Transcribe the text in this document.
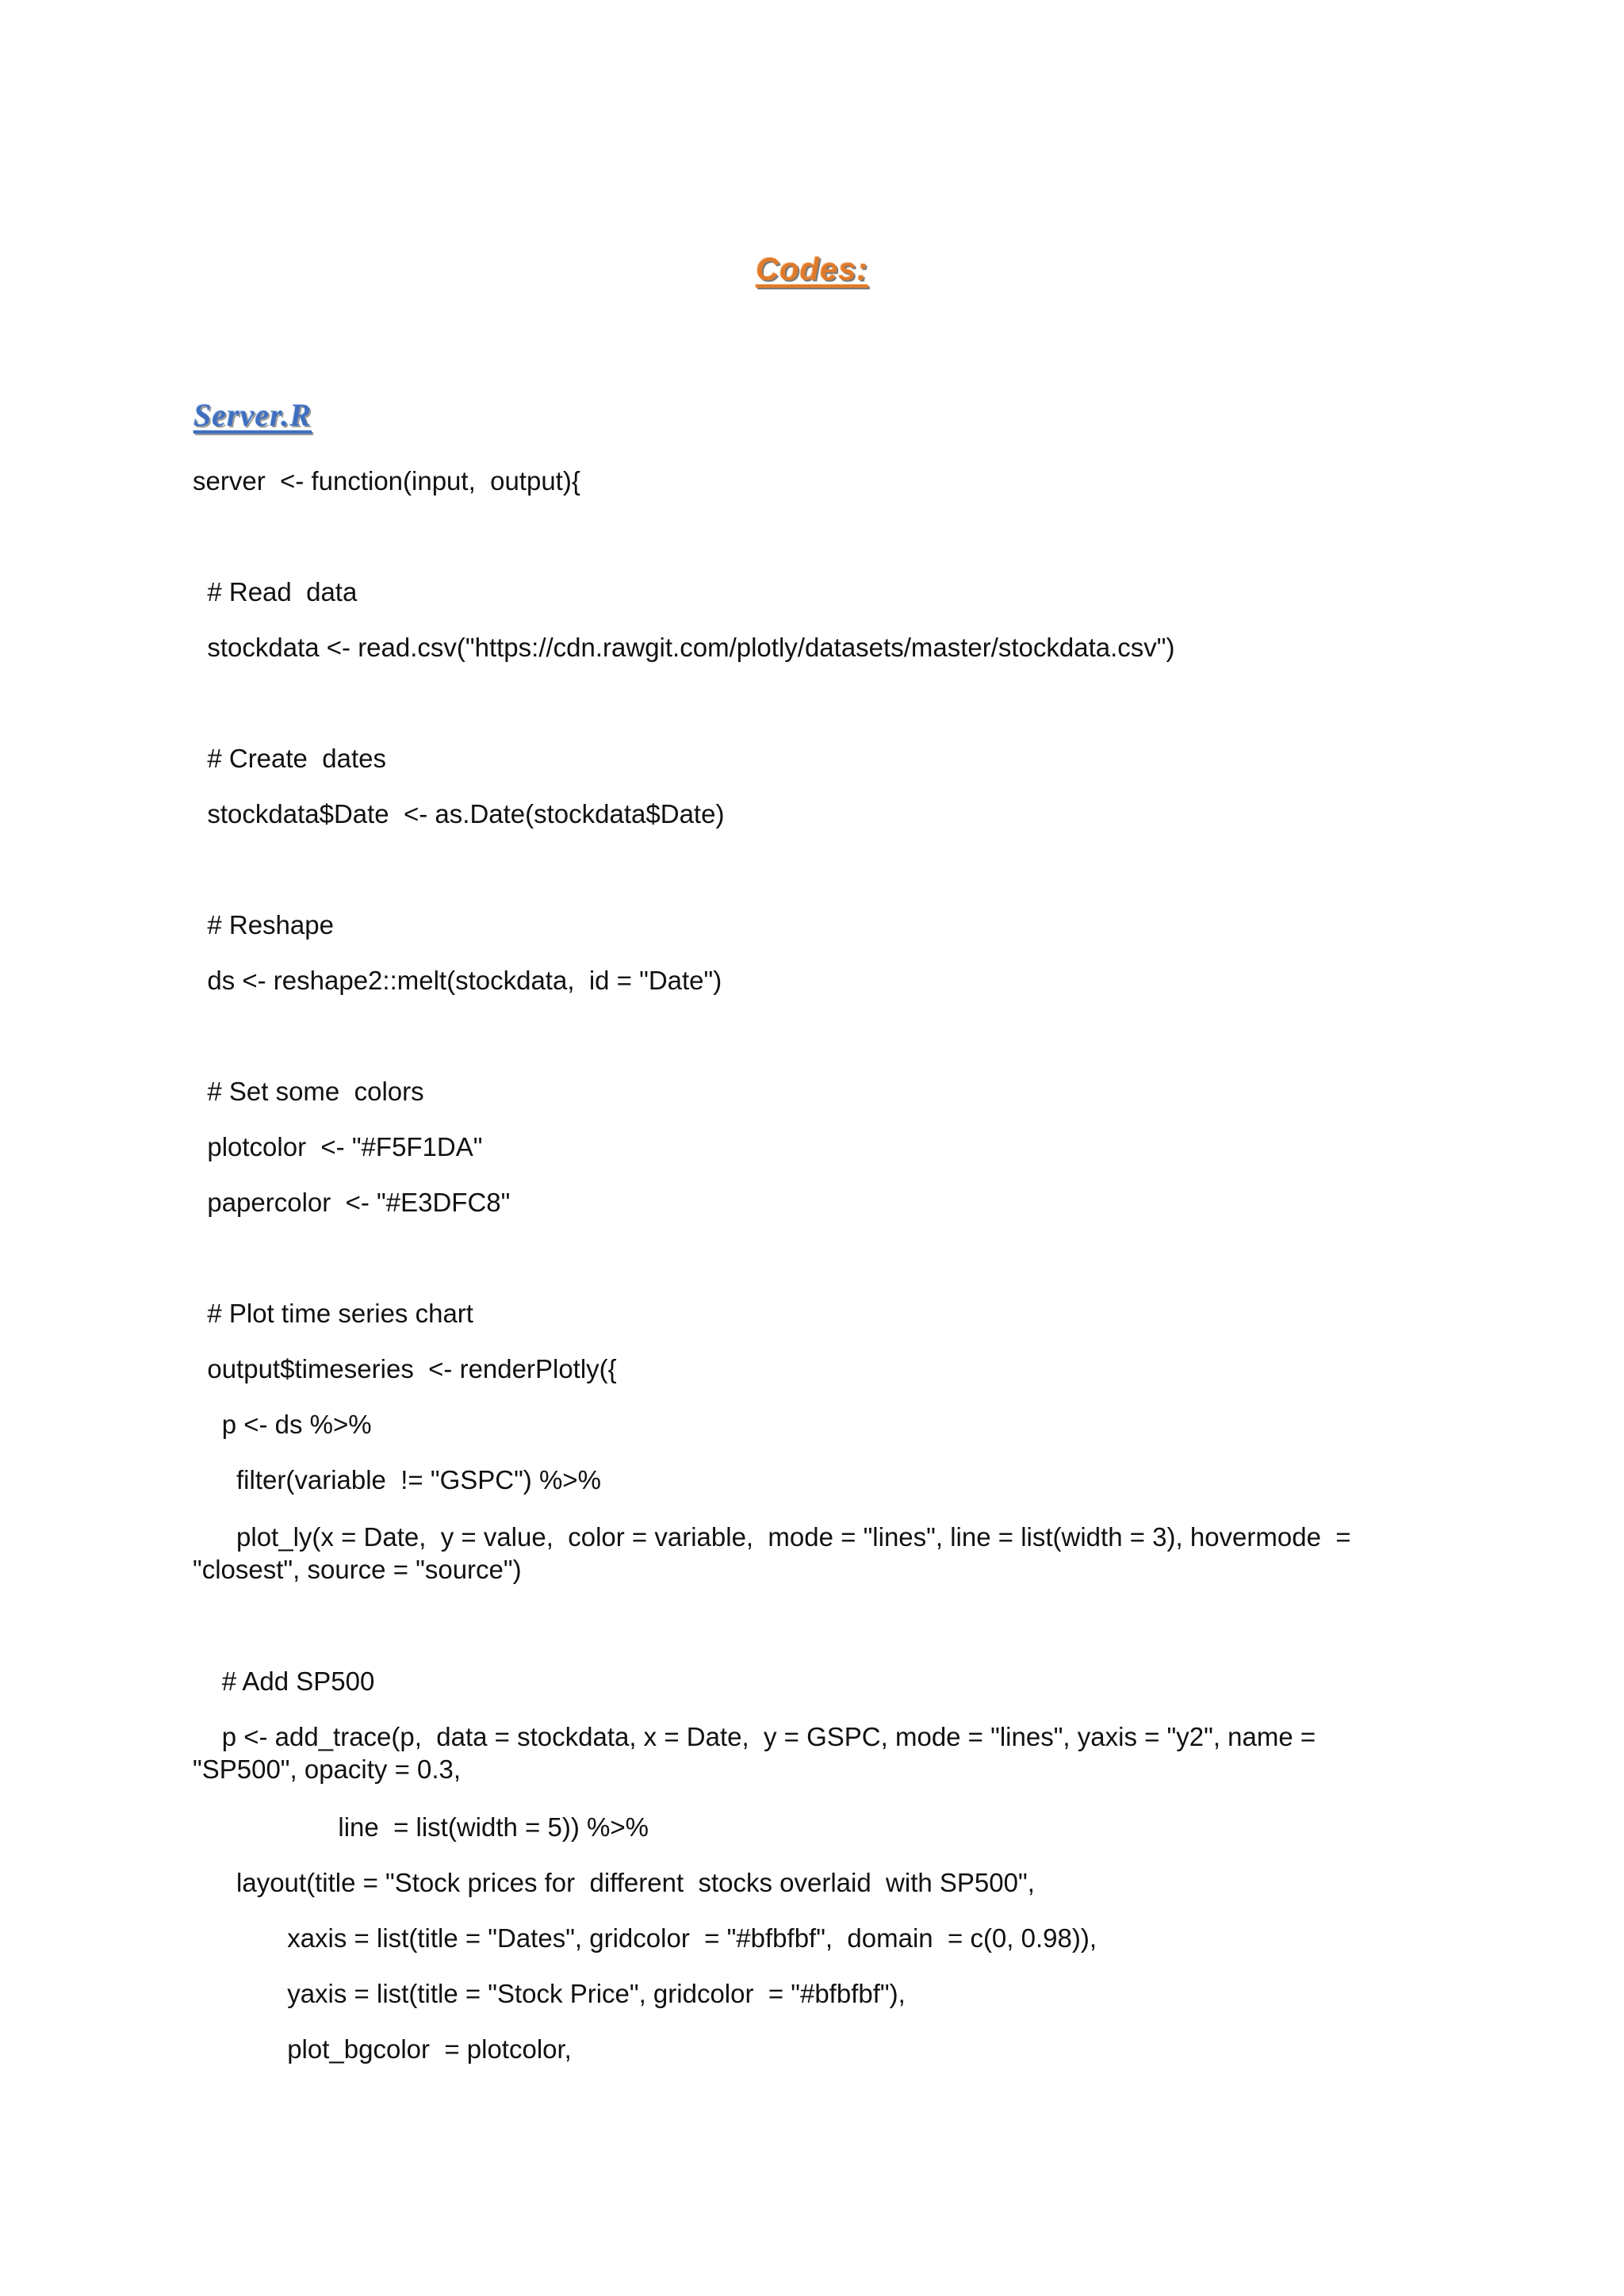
Codes:
Server.R
server  <- function(input,  output){
# Read  data
stockdata <- read.csv("https://cdn.rawgit.com/plotly/datasets/master/stockdata.csv")
# Create  dates
stockdata$Date  <- as.Date(stockdata$Date)
# Reshape
ds <- reshape2::melt(stockdata,  id = "Date")
# Set some  colors
plotcolor  <- "#F5F1DA"
papercolor  <- "#E3DFC8"
# Plot time series chart
output$timeseries  <- renderPlotly({
p <- ds %>%
filter(variable  != "GSPC") %>%
plot_ly(x = Date,  y = value,  color = variable,  mode = "lines", line = list(width = 3), hovermode  =  "closest", source = "source")
# Add SP500
p <- add_trace(p,  data = stockdata, x = Date,  y = GSPC, mode = "lines", yaxis = "y2", name =  "SP500", opacity = 0.3,
line  = list(width = 5)) %>%
layout(title = "Stock prices for  different  stocks overlaid  with SP500",
xaxis = list(title = "Dates", gridcolor  = "#bfbfbf",  domain  = c(0, 0.98)),
yaxis = list(title = "Stock Price", gridcolor  = "#bfbfbf"),
plot_bgcolor  = plotcolor,
